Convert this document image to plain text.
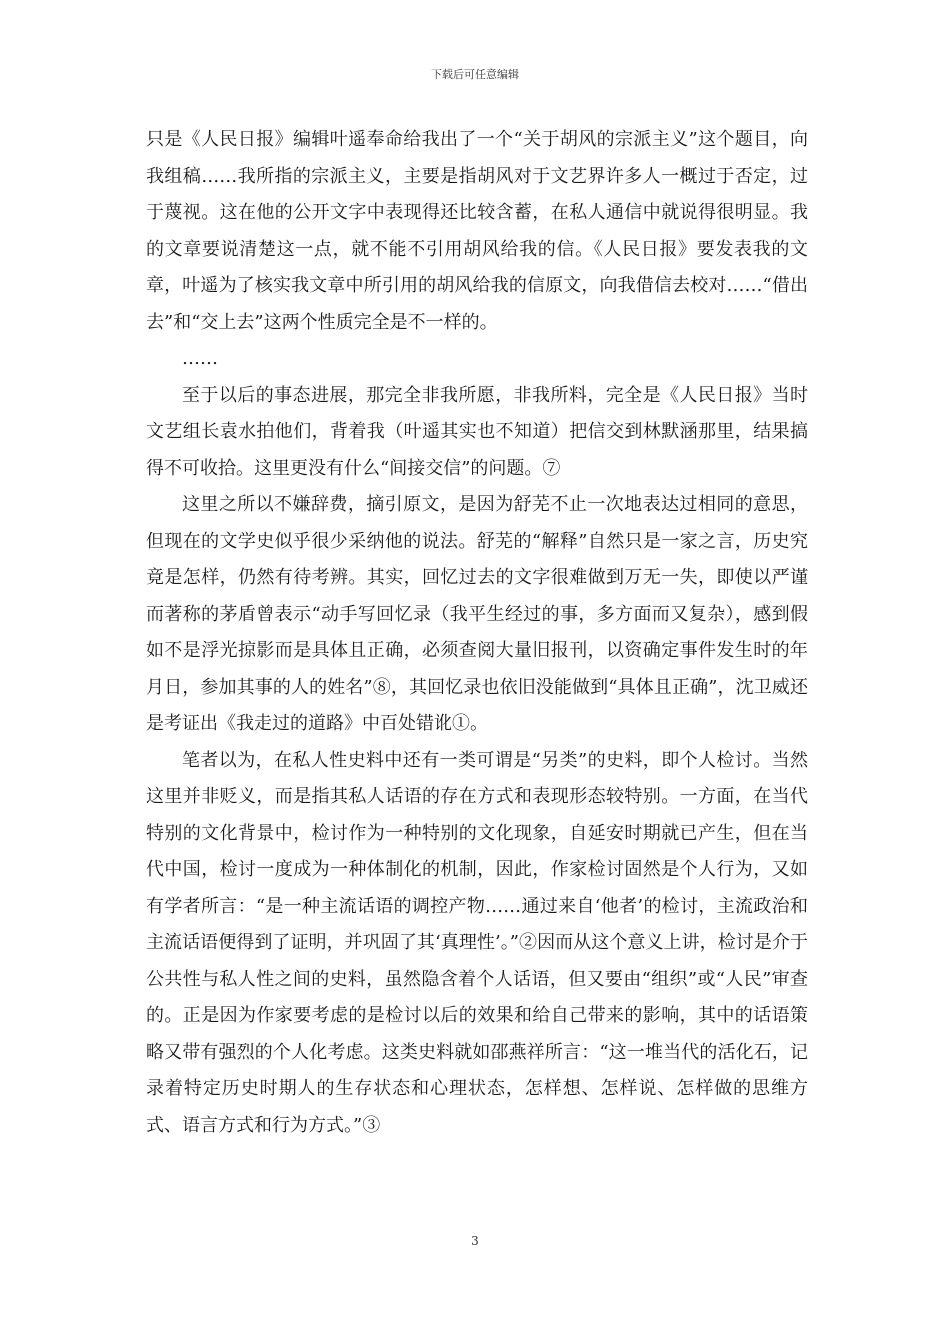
下载后可任意编辑

只是《人民日报》编辑叶遥奉命给我出了一个“关于胡风的宗派主义”这个题目，向我组稿……我所指的宗派主义，主要是指胡风对于文艺界许多人一概过于否定，过于蔑视。这在他的公开文字中表现得还比较含蓄，在私人通信中就说得很明显。我的文章要说清楚这一点，就不能不引用胡风给我的信。《人民日报》要发表我的文章，叶遥为了核实我文章中所引用的胡风给我的信原文，向我借信去校对……“借出去”和“交上去”这两个性质完全是不一样的。

……

至于以后的事态进展，那完全非我所愿，非我所料，完全是《人民日报》当时文艺组长袁水拍他们，背着我（叶遥其实也不知道）把信交到林默涵那里，结果搞得不可收拾。这里更没有什么“间接交信”的问题。⑦

这里之所以不嫌辞费，摘引原文，是因为舒芜不止一次地表达过相同的意思，但现在的文学史似乎很少采纳他的说法。舒芜的“解释”自然只是一家之言，历史究竟是怎样，仍然有待考辨。其实，回忆过去的文字很难做到万无一失，即使以严谨而著称的茅盾曾表示“动手写回忆录（我平生经过的事，多方面而又复杂），感到假如不是浮光掠影而是具体且正确，必须查阅大量旧报刊，以资确定事件发生时的年月日，参加其事的人的姓名”⑧，其回忆录也依旧没能做到“具体且正确”，沈卫威还是考证出《我走过的道路》中百处错讹①。

笔者以为，在私人性史料中还有一类可谓是“另类”的史料，即个人检讨。当然这里并非贬义，而是指其私人话语的存在方式和表现形态较特别。一方面，在当代特别的文化背景中，检讨作为一种特别的文化现象，自延安时期就已产生，但在当代中国，检讨一度成为一种体制化的机制，因此，作家检讨固然是个人行为，又如有学者所言：“是一种主流话语的调控产物……通过来自‘他者’的检讨，主流政治和主流话语便得到了证明，并巩固了其‘真理性’。”②因而从这个意义上讲，检讨是介于公共性与私人性之间的史料，虽然隐含着个人话语，但又要由“组织”或“人民”审查的。正是因为作家要考虑的是检讨以后的效果和给自己带来的影响，其中的话语策略又带有强烈的个人化考虑。这类史料就如邵燕祥所言：“这一堆当代的活化石，记录着特定历史时期人的生存状态和心理状态，怎样想、怎样说、怎样做的思维方式、语言方式和行为方式。”③

3
